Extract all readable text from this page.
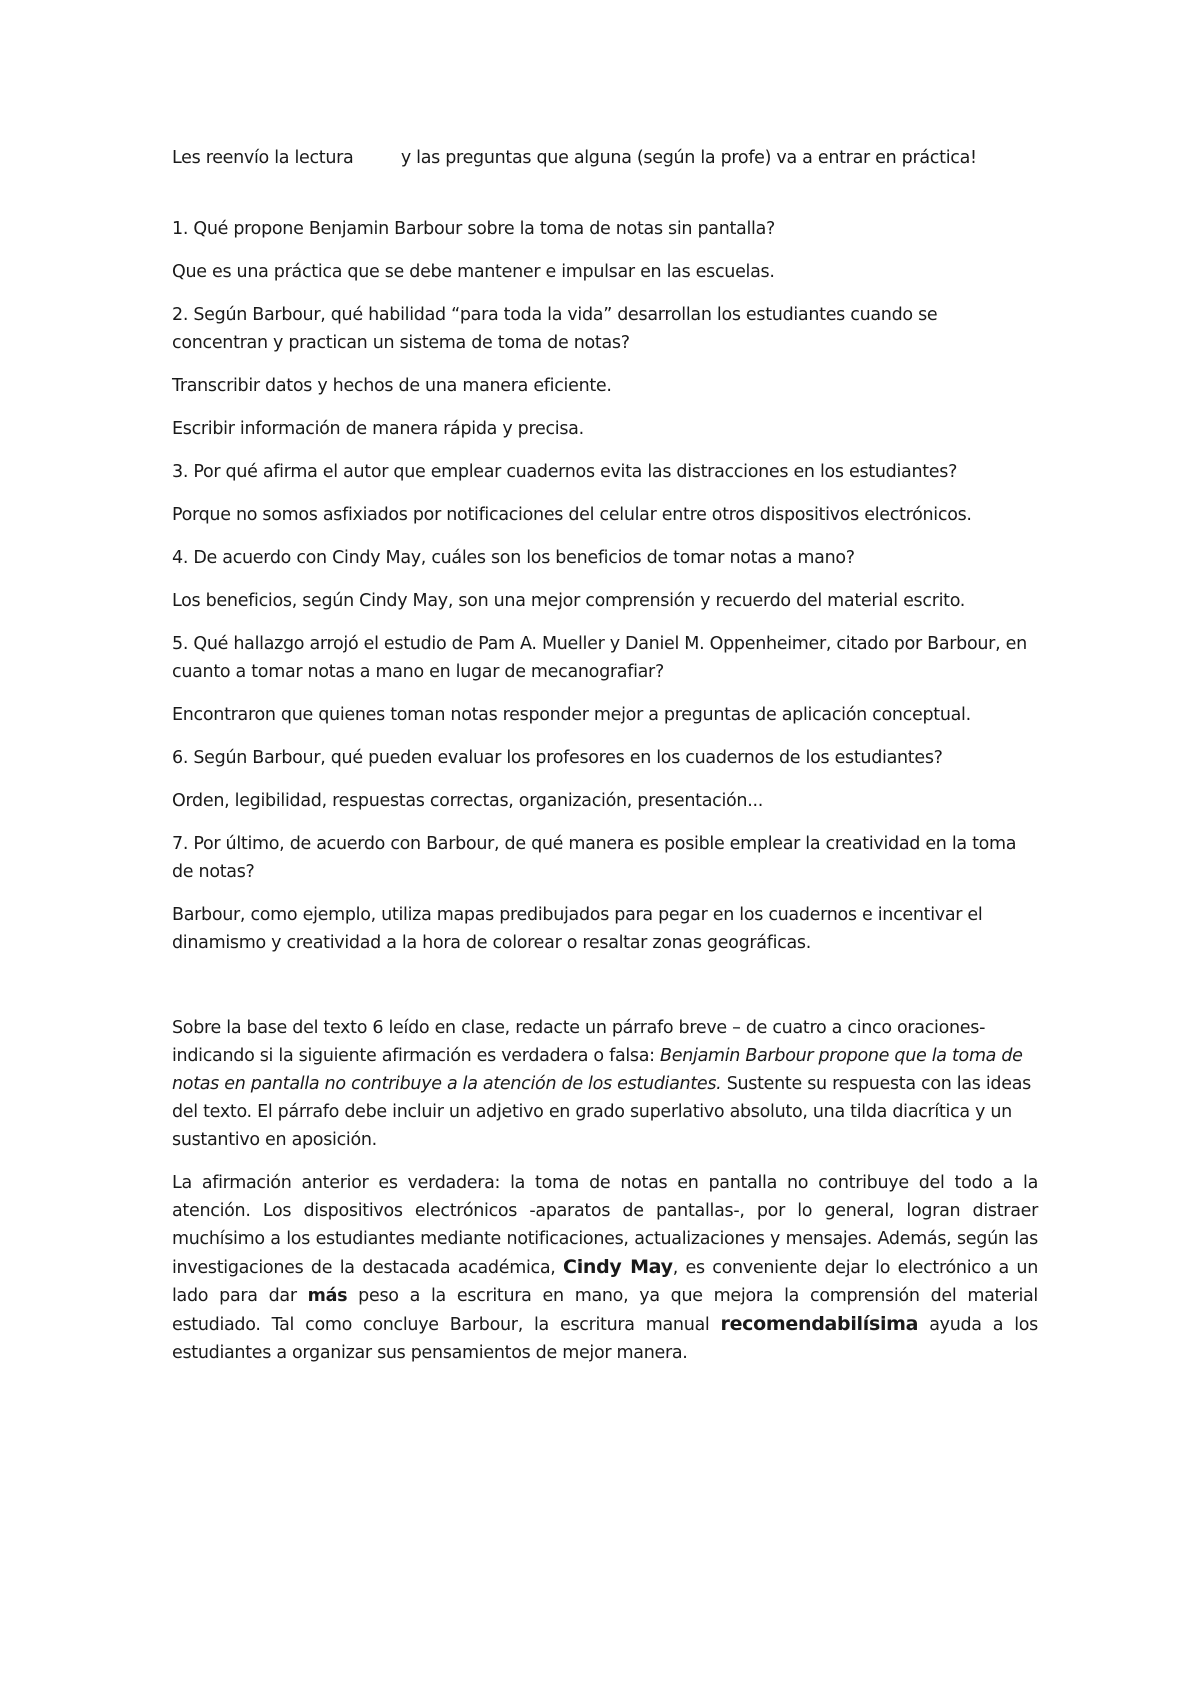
Les reenvío la lectura	y las preguntas que alguna (según la profe) va a entrar en práctica!

1. Qué propone Benjamin Barbour sobre la toma de notas sin pantalla?

Que es una práctica que se debe mantener e impulsar en las escuelas.

2. Según Barbour, qué habilidad “para toda la vida” desarrollan los estudiantes cuando se concentran y practican un sistema de toma de notas?

Transcribir datos y hechos de una manera eficiente.

Escribir información de manera rápida y precisa.

3. Por qué afirma el autor que emplear cuadernos evita las distracciones en los estudiantes?

Porque no somos asfixiados por notificaciones del celular entre otros dispositivos electrónicos.

4. De acuerdo con Cindy May, cuáles son los beneficios de tomar notas a mano?

Los beneficios, según Cindy May, son una mejor comprensión y recuerdo del material escrito.

5. Qué hallazgo arrojó el estudio de Pam A. Mueller y Daniel M. Oppenheimer, citado por Barbour, en cuanto a tomar notas a mano en lugar de mecanografiar?

Encontraron que quienes toman notas responder mejor a preguntas de aplicación conceptual.

6. Según Barbour, qué pueden evaluar los profesores en los cuadernos de los estudiantes?

Orden, legibilidad, respuestas correctas, organización, presentación...

7. Por último, de acuerdo con Barbour, de qué manera es posible emplear la creatividad en la toma de notas?

Barbour, como ejemplo, utiliza mapas predibujados para pegar en los cuadernos e incentivar el dinamismo y creatividad a la hora de colorear o resaltar zonas geográficas.

Sobre la base del texto 6 leído en clase, redacte un párrafo breve – de cuatro a cinco oraciones- indicando si la siguiente afirmación es verdadera o falsa: Benjamin Barbour propone que la toma de notas en pantalla no contribuye a la atención de los estudiantes. Sustente su respuesta con las ideas del texto. El párrafo debe incluir un adjetivo en grado superlativo absoluto, una tilda diacrítica y un sustantivo en aposición.

La afirmación anterior es verdadera: la toma de notas en pantalla no contribuye del todo a la atención. Los dispositivos electrónicos -aparatos de pantallas-, por lo general, logran distraer muchísimo a los estudiantes mediante notificaciones, actualizaciones y mensajes. Además, según las investigaciones de la destacada académica, Cindy May, es conveniente dejar lo electrónico a un lado para dar más peso a la escritura en mano, ya que mejora la comprensión del material estudiado. Tal como concluye Barbour, la escritura manual recomendabilísima ayuda a los estudiantes a organizar sus pensamientos de mejor manera.
